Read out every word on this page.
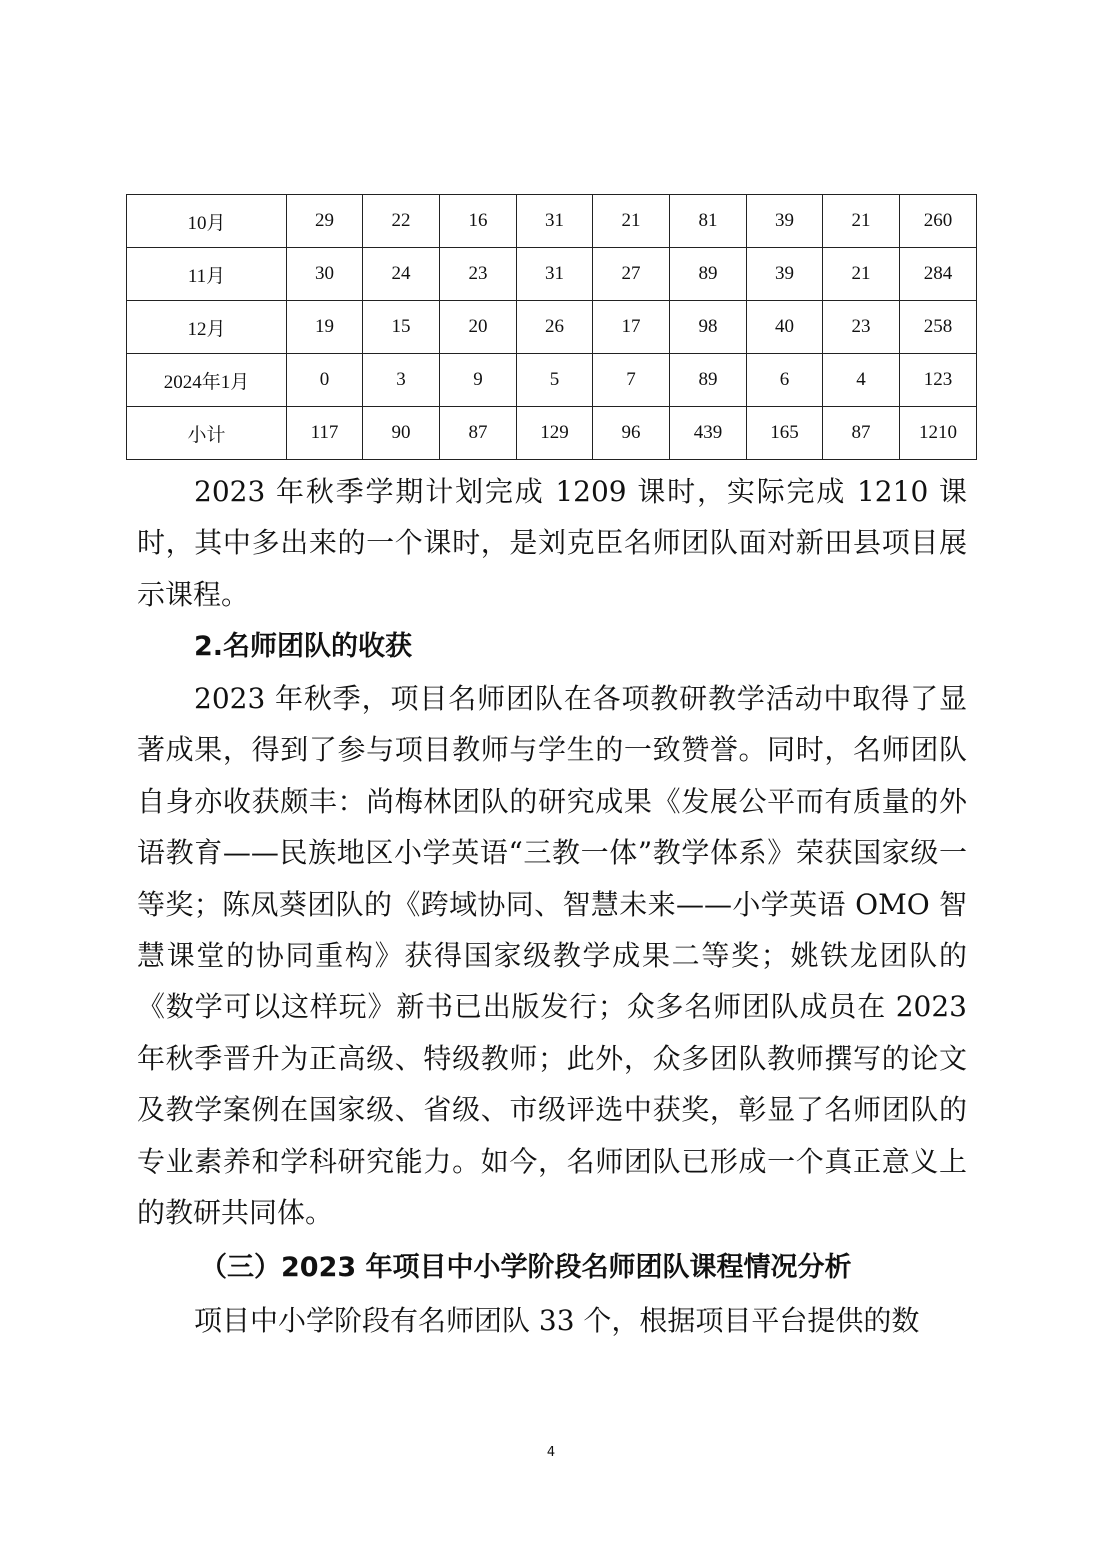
10月	29	22	16	31	21	81	39	21	260
11月	30	24	23	31	27	89	39	21	284
12月	19	15	20	26	17	98	40	23	258
2024年1月	0	3	9	5	7	89	6	4	123
小计	117	90	87	129	96	439	165	87	1210
2023 年秋季学期计划完成 1209 课时，实际完成 1210 课时，其中多出来的一个课时，是刘克臣名师团队面对新田县项目展示课程。
2.名师团队的收获
2023 年秋季，项目名师团队在各项教研教学活动中取得了显著成果，得到了参与项目教师与学生的一致赞誉。同时，名师团队自身亦收获颇丰：尚梅林团队的研究成果《发展公平而有质量的外语教育——民族地区小学英语“三教一体”教学体系》荣获国家级一等奖；陈凤葵团队的《跨域协同、智慧未来——小学英语 OMO 智慧课堂的协同重构》获得国家级教学成果二等奖；姚铁龙团队的《数学可以这样玩》新书已出版发行；众多名师团队成员在 2023 年秋季晋升为正高级、特级教师；此外，众多团队教师撰写的论文及教学案例在国家级、省级、市级评选中获奖，彰显了名师团队的专业素养和学科研究能力。如今，名师团队已形成一个真正意义上的教研共同体。
（三）2023 年项目中小学阶段名师团队课程情况分析
项目中小学阶段有名师团队 33 个，根据项目平台提供的数
4
